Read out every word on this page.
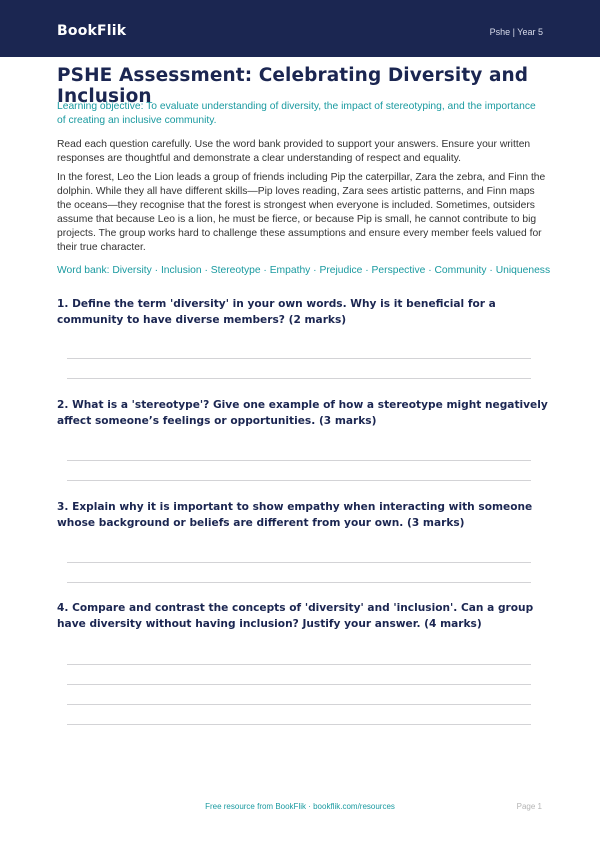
BookFlik	Pshe | Year 5
PSHE Assessment: Celebrating Diversity and Inclusion

Learning objective: To evaluate understanding of diversity, the impact of stereotyping, and the importance of creating an inclusive community.

Read each question carefully. Use the word bank provided to support your answers. Ensure your written responses are thoughtful and demonstrate a clear understanding of respect and equality.

In the forest, Leo the Lion leads a group of friends including Pip the caterpillar, Zara the zebra, and Finn the dolphin. While they all have different skills—Pip loves reading, Zara sees artistic patterns, and Finn maps the oceans—they recognise that the forest is strongest when everyone is included. Sometimes, outsiders assume that because Leo is a lion, he must be fierce, or because Pip is small, he cannot contribute to big projects. The group works hard to challenge these assumptions and ensure every member feels valued for their true character.

Word bank: Diversity · Inclusion · Stereotype · Empathy · Prejudice · Perspective · Community · Uniqueness

1. Define the term 'diversity' in your own words. Why is it beneficial for a community to have diverse members? (2 marks)

2. What is a 'stereotype'? Give one example of how a stereotype might negatively affect someone’s feelings or opportunities. (3 marks)

3. Explain why it is important to show empathy when interacting with someone whose background or beliefs are different from your own. (3 marks)

4. Compare and contrast the concepts of 'diversity' and 'inclusion'. Can a group have diversity without having inclusion? Justify your answer. (4 marks)

Free resource from BookFlik · bookflik.com/resources	Page 1
